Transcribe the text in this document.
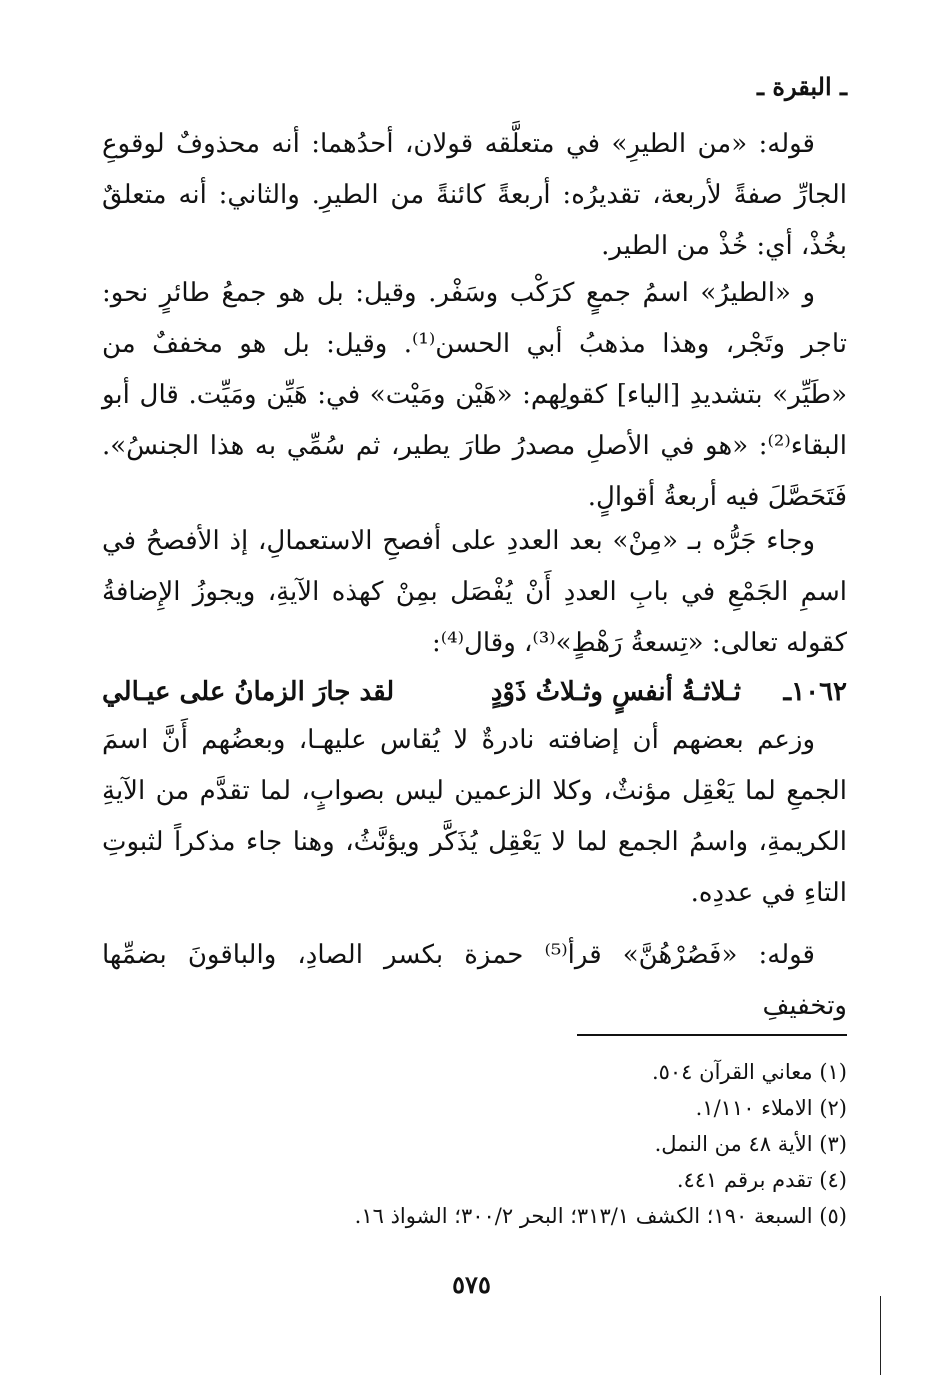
ـ البقرة ـ

قوله: «من الطيرِ» في متعلَّقه قولان، أحدُهما: أنه محذوفٌ لوقوعِ الجارِّ صفةً لأربعة، تقديرُه: أربعةً كائنةً من الطيرِ. والثاني: أنه متعلقٌ بخُذْ، أي: خُذْ من الطير.

و «الطيرُ» اسمُ جمعٍ كرَكْب وسَفْر. وقيل: بل هو جمعُ طائرٍ نحو: تاجر وتَجْر، وهذا مذهبُ أبي الحسن⁽¹⁾. وقيل: بل هو مخففٌ من «طَيِّر» بتشديدِ [الياء] كقولِهم: «هَيْن ومَيْت» في: هَيِّن ومَيِّت. قال أبو البقاء⁽²⁾: «هو في الأصلِ مصدرُ طارَ يطير، ثم سُمِّي به هذا الجنسُ». فَتَحَصَّلَ فيه أربعةُ أقوالٍ.

وجاء جَرُّه بـ «مِنْ» بعد العددِ على أفصحِ الاستعمالِ، إذ الأفصحُ في اسمِ الجَمْعِ في بابِ العددِ أَنْ يُفْصَل بمِنْ كهذه الآيةِ، ويجوزُ الإِضافةُ كقوله تعالى: «تِسعةُ رَهْطٍ»⁽³⁾، وقال⁽⁴⁾:

١٠٦٢ـ
ثـلاثـةُ أنفسٍ وثـلاثُ ذَوْدٍ
لقد جارَ الزمانُ على عيـالي

وزعم بعضهم أن إضافته نادرةٌ لا يُقاس عليهـا، وبعضُهم أَنَّ اسمَ الجمعِ لما يَعْقِل مؤنثٌ، وكلا الزعمين ليس بصوابٍ، لما تقدَّم من الآيةِ الكريمةِ، واسمُ الجمع لما لا يَعْقِل يُذَكَّر ويؤنَّثُ، وهنا جاء مذكراً لثبوتِ التاءِ في عددِه.

قوله: «فَصُرْهُنَّ» قرأ⁽⁵⁾ حمزة بكسر الصادِ، والباقونَ بضمِّها وتخفيفِ

(١) معاني القرآن ٥٠٤.
(٢) الاملاء ١/١١٠.
(٣) الأية ٤٨ من النمل.
(٤) تقدم برقم ٤٤١.
(٥) السبعة ١٩٠؛ الكشف ٣١٣/١؛ البحر ٣٠٠/٢؛ الشواذ ١٦.
٥٧٥
